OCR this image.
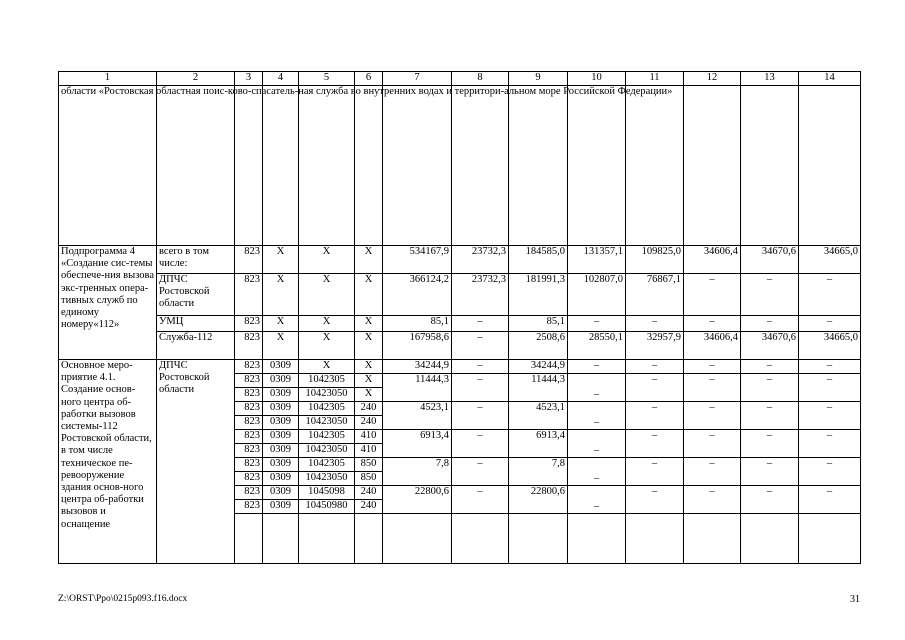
1	2	3	4	5	6	7	8	9	10	11	12	13	14
области «Ростовская областная поис-ково-спасатель-ная служба во внутренних водах и территори-альном море Российской Федерации»													
Подпрограмма 4 «Создание сис-темы обеспече-ния вызова экс-тренных опера-тивных служб по единому номеру«112»	всего в том числе:	823	X	X	X	534167,9	23732,3	184585,0	131357,1	109825,0	34606,4	34670,6	34665,0
	ДПЧС Ростовской области	823	X	X	X	366124,2	23732,3	181991,3	102807,0	76867,1	–	–	–
	УМЦ	823	X	X	X	85,1	–	85,1	–	–	–	–	–
	Служба-112	823	X	X	X	167958,6	–	2508,6	28550,1	32957,9	34606,4	34670,6	34665,0
Основное меро-приятие 4.1. Создание основ-ного центра об-работки вызовов системы-112 Ростовской области, в том числе техническое пе-ревооружение здания основ-ного центра об-работки вызовов и оснащение	ДПЧС Ростовской области	823	0309	X	X	34244,9	–	34244,9	–	–	–	–	–
		823	0309	1042305	X	11444,3	–	11444,3	–	–	–	–	–
		823	0309	10423050	X								
		823	0309	1042305	240	4523,1	–	4523,1	–	–	–	–	–
		823	0309	10423050	240								
		823	0309	1042305	410	6913,4	–	6913,4	–	–	–	–	–
		823	0309	10423050	410								
		823	0309	1042305	850	7,8	–	7,8	–	–	–	–	–
		823	0309	10423050	850								
		823	0309	1045098	240	22800,6	–	22800,6	–	–	–	–	–
		823	0309	10450980	240								

Z:\ORST\Ppo\0215p093.f16.docx	31
